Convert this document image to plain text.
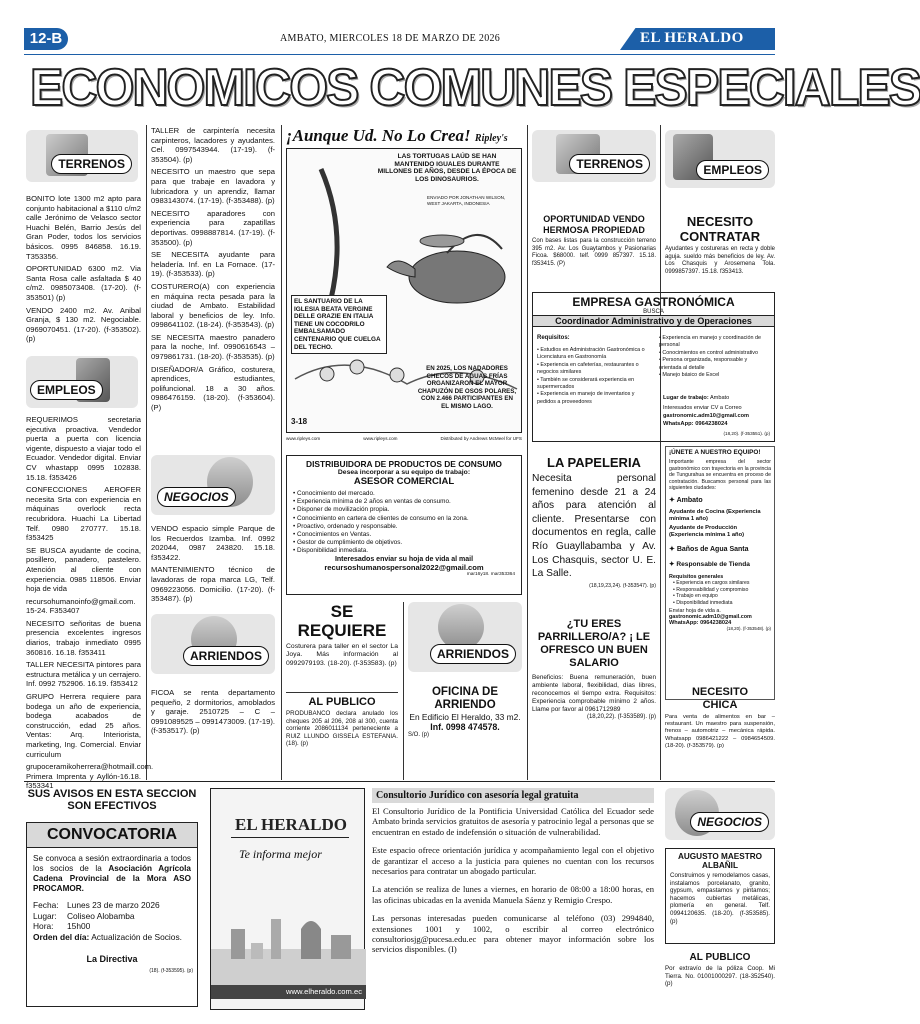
12-B	AMBATO, MIERCOLES 18 DE MARZO DE 2026	EL HERALDO
ECONOMICOS COMUNES ESPECIALES
TERRENOS

BONITO lote 1300 m2 apto para conjunto habitacional a $110 c/m2 calle Jerónimo de Velasco sector Huachi Belén, Barrio Jesús del Gran Poder, todos los servicios básicos. 0995 846858. 16.19. T353356.

OPORTUNIDAD 6300 m2. Via Santa Rosa calle asfaltada $ 40 c/m2. 0985073408. (17-20). (f-353501) (p)

VENDO 2400 m2. Av. Anibal Granja, $ 130 m2. Negociable. 0969070451. (17-20). (f-353502). (p)

EMPLEOS

REQUERIMOS secretaria ejecutiva proactiva. Vendedor puerta a puerta con licencia vigente, dispuesto a viajar todo el Ecuador. Vendedor digital. Enviar CV whastapp 0995 102838. 15.18. f353426

CONFECCIONES AEROFER necesita Srta con experiencia en máquinas overlock recta recubridora. Huachi La Libertad Telf. 0980 270777. 15.18. f353425

SE BUSCA ayudante de cocina, posillero, panadero, pastelero. Atención al cliente con experiencia. 0985 118506. Enviar hoja de vida

recursohumanoinfo@gmail.com. 15-24. F353407

NECESITO señoritas de buena presencia excelentes ingresos diarios, trabajo inmediato 0995 360816. 16.18. f353411

TALLER NECESITA pintores para estructura metálica y un cerrajero. Inf. 0992 752906. 16.19. f353412

GRUPO Herrera requiere para bodega un año de experiencia, bodega acabados de construcción, edad 25 años. Ventas: Arq. Interiorista, marketing, Ing. Comercial. Enviar curriculum

grupoceramikoherrera@hotmaill.com. Primera Imprenta y Ayllón-16.18. f353341

TALLER de carpintería necesita carpinteros, lacadores y ayudantes. Cel. 0997543944. (17-19). (f-353504). (p)

NECESITO un maestro que sepa para que trabaje en lavadora y lubricadora y un aprendiz, llamar 0983143074. (17-19). (f-353488). (p)

NECESITO aparadores con experiencia para zapatillas deportivas. 0998887814. (17-19). (f-353500). (p)

SE NECESITA ayudante para heladería. Inf. en La Fornace. (17-19). (f-353533). (p)

COSTURERO(A) con experiencia en máquina recta pesada para la ciudad de Ambato. Estabilidad laboral y beneficios de ley. Info. 0998641102. (18-24). (f-353543). (p)

SE NECESITA maestro panadero para la noche, Inf. 0990616543 – 0979861731. (18-20). (f-353535). (p)

DISEÑADOR/A Gráfico, costurera, aprendices, estudiantes, polifuncional. 18 a 30 años. 0986476159. (18-20). (f-353604). (P)

NEGOCIOS

VENDO espacio simple Parque de los Recuerdos Izamba. Inf. 0992 202044, 0987 243820. 15.18. f353422.

MANTENIMIENTO técnico de lavadoras de ropa marca LG, Telf. 0969223056. Domicilio. (17-20). (f-353487). (p)

ARRIENDOS

FICOA se renta departamento pequeño, 2 dormitorios, amoblados y garaje. 2510725 – C – 0991089525 – 0991473009. (17-19). (f-353517). (p)

¡Aunque Ud. No Lo Crea! Ripley's
LAS TORTUGAS LAÚD SE HAN MANTENIDO IGUALES DURANTE MILLONES DE AÑOS, DESDE LA ÉPOCA DE LOS DINOSAURIOS.
ENVIADO POR JONATHAN WILSON, WEST JAKARTA, INDONESIA
EL SANTUARIO DE LA IGLESIA BEATA VERGINE DELLE GRAZIE EN ITALIA TIENE UN COCODRILO EMBALSAMADO CENTENARIO QUE CUELGA DEL TECHO.
EN 2025, LOS NADADORES CHECOS DE AGUAS FRÍAS ORGANIZARON EL MAYOR CHAPUZÓN DE OSOS POLARES, CON 2.466 PARTICIPANTES EN EL MISMO LAGO.
3-18
www.ripleys.com	www.ripleys.com	Distributed by Andrews McMeel for UFS
DISTRIBUIDORA DE PRODUCTOS DE CONSUMO
Desea incorporar a su equipo de trabajo:
ASESOR COMERCIAL
• Conocimiento del mercado.
• Experiencia mínima de 2 años en ventas de consumo.
• Disponer de movilización propia.
• Conocimiento en cartera de clientes de consumo en la zona.
• Proactivo, ordenado y responsable.
• Conocimientos en Ventas.
• Gestor de cumplimiento de objetivos.
• Disponibilidad inmediata.
Interesados enviar su hoja de vida al mail
recursoshumanospersonal2022@gmail.com
mar16y18. mar353364
SE
REQUIERE
Costurera para taller en el sector La Joya. Más información al 0992979193. (18-20). (f-353583). (p)
AL PUBLICO
PRODUBANCO declara anulado los cheques 205 al 206, 208 al 300, cuenta corriente 2086011134 perteneciente a RUIZ LLUNDO GISSELA ESTEFANIA. (18). (p)
OFICINA DE
ARRIENDO
En Edificio El Heraldo, 33 m2.
Inf. 0998 474578.
S/O. (p)
TERRENOS
OPORTUNIDAD VENDO HERMOSA PROPIEDAD
Con bases listas para la construcción terreno 395 m2. Av. Los Guaytambos y Pasionarias Ficoa. $68000. telf. 0999 857397. 15.18. f353415. (P)
EMPLEOS
NECESITO
CONTRATAR
Ayudantes y costureras en recta y doble aguja. sueldo más beneficios de ley. Av. Los Chasquis y Arosemena Tola. 0999857397. 15.18. f353413.
EMPRESA GASTRONÓMICA
BUSCA
Coordinador Administrativo y de Operaciones
Requisitos:
• Estudios en Administración Gastronómica o Licenciatura en Gastronomía
• Experiencia en cafeterías, restaurantes o negocios similares
• También se considerará experiencia en supermercados
• Experiencia en manejo de inventarios y pedidos a proveedores
• Experiencia en manejo y coordinación de personal
• Conocimientos en control administrativo
• Persona organizada, responsable y orientada al detalle
• Manejo básico de Excel
Lugar de trabajo: Ambato
Interesados enviar CV a Correo
gastronomic.adm10@gmail.com
WhatsApp: 0964238024
(18,20). (f-353551). (p)
LA PAPELERIA
Necesita personal femenino desde 21 a 24 años para atención al cliente. Presentarse con documentos en regla, calle Río Guayllabamba y Av. Los Chasquis, sector U. E. La Salle.
(18,19,23,24). (f-353547). (p)
¡ÚNETE A NUESTRO EQUIPO!
Importante empresa del sector gastronómico con trayectoria en la provincia de Tungurahua se encuentra en proceso de contratación. Buscamos personal para las siguientes ciudades:
✦ Ambato
Ayudante de Cocina (Experiencia mínima 1 año)
Ayudante de Producción (Experiencia mínima 1 año)
✦ Baños de Agua Santa
✦ Responsable de Tienda
Requisitos generales
• Experiencia en cargos similares
• Responsabilidad y compromiso
• Trabajo en equipo
• Disponibilidad inmediata
Enviar hoja de vida a.
gastronomic.adm10@gmail.com
WhatsApp: 0964238024
(18,20). (f-353548). (p)
ARRIENDOS
¿TU ERES PARRILLERO/A? ¡ LE OFRESCO UN BUEN SALARIO
Beneficios: Buena remuneración, buen ambiente laboral, flexibilidad, días libres, reconocemos el tiempo extra. Requisitos: Experiencia comprobable mínimo 2 años. Llame por favor al 0961712989
(18,20,22). (f-353589). (p)
NECESITO
CHICA
Para venta de alimentos en bar – restaurant. Un maestro para suspensión, frenos – automotriz – mecánica rápida. Whatsapp 0986421222 – 0984654509. (18-20). (f-353579). (p)
SUS AVISOS EN ESTA SECCION
SON EFECTIVOS
CONVOCATORIA
Se convoca a sesión extraordinaria a todos los socios de la Asociación Agrícola Cadena Provincial de la Mora ASO PROCAMOR.
Fecha: Lunes 23 de marzo 2026
Lugar: Coliseo Alobamba
Hora: 15h00
Orden del día: Actualización de Socios.
La Directiva
(18). (f-353595). (p)
EL HERALDO
Te informa mejor
www.elheraldo.com.ec
Consultorio Jurídico con asesoría legal gratuita

El Consultorio Jurídico de la Pontificia Universidad Católica del Ecuador sede Ambato brinda servicios gratuitos de asesoría y patrocinio legal a personas que se encuentran en estado de indefensión o situación de vulnerabilidad.

Este espacio ofrece orientación jurídica y acompañamiento legal con el objetivo de garantizar el acceso a la justicia para quienes no cuentan con los recursos necesarios para contratar un abogado particular.

La atención se realiza de lunes a viernes, en horario de 08:00 a 18:00 horas, en las oficinas ubicadas en la avenida Manuela Sáenz y Remigio Crespo.

Las personas interesadas pueden comunicarse al teléfono (03) 2994840, extensiones 1001 y 1002, o escribir al correo electrónico consultoriosjg@pucesa.edu.ec para obtener mayor información sobre los servicios disponibles. (I)

NEGOCIOS
AUGUSTO MAESTRO
ALBAÑIL
Construimos y remodelamos casas, instalamos porcelanato, granito, gypsum, empastamos y pintamos; hacemos cubiertas metálicas, plomería en general. Telf. 0994120635. (18-20). (f-353585). (p)
AL PUBLICO
Por extravío de la póliza Coop. Mi Tierra. No. 01001000297. (18-352540). (p)
